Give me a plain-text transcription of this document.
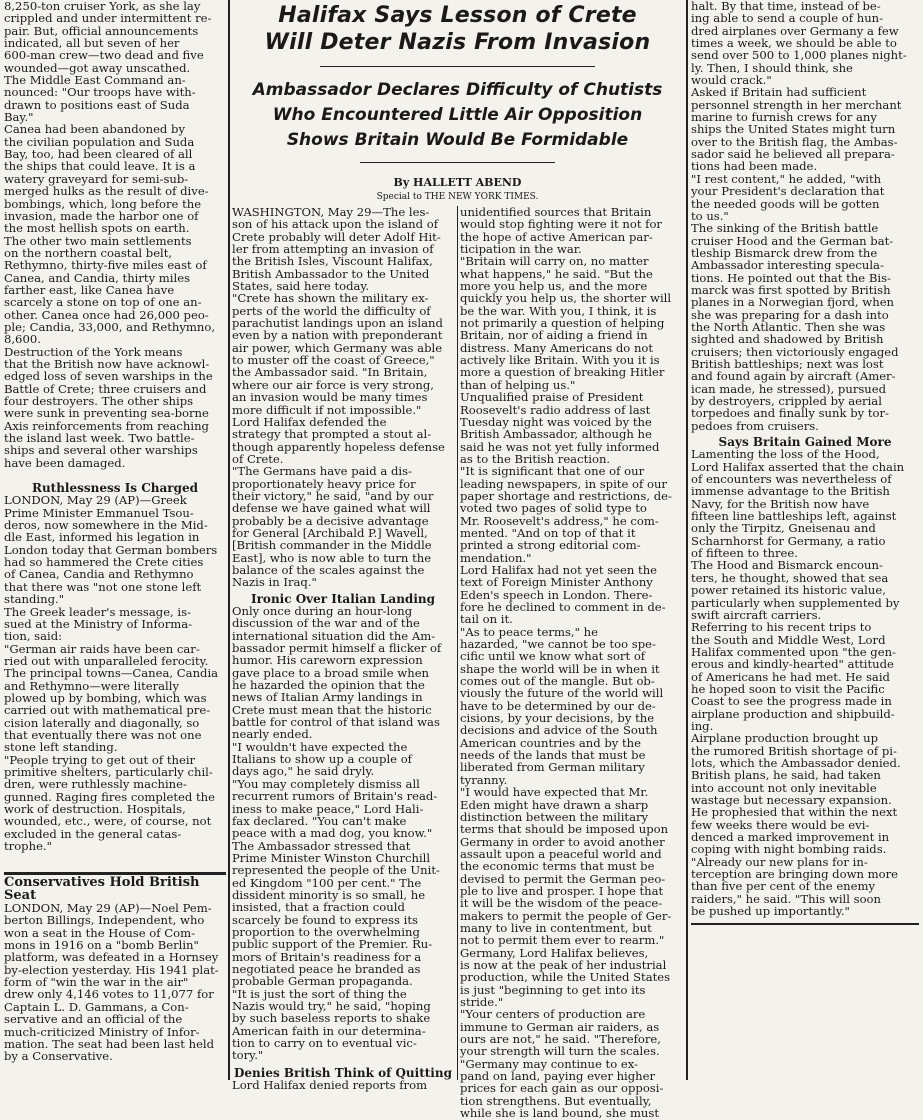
8,250-ton cruiser York, as she lay
crippled and under intermittent re-
pair. But, official announcements
indicated, all but seven of her
600-man crew—two dead and five
wounded—got away unscathed.
The Middle East Command an-
nounced: "Our troops have with-
drawn to positions east of Suda
Bay."
Canea had been abandoned by
the civilian population and Suda
Bay, too, had been cleared of all
the ships that could leave. It is a
watery graveyard for semi-sub-
merged hulks as the result of dive-
bombings, which, long before the
invasion, made the harbor one of
the most hellish spots on earth.
The other two main settlements
on the northern coastal belt,
Rethymno, thirty-five miles east of
Canea, and Candia, thirty miles
farther east, like Canea have
scarcely a stone on top of one an-
other. Canea once had 26,000 peo-
ple; Candia, 33,000, and Rethymno,
8,600.
Destruction of the York means
that the British now have acknowl-
edged loss of seven warships in the
Battle of Crete; three cruisers and
four destroyers. The other ships
were sunk in preventing sea-borne
Axis reinforcements from reaching
the island last week. Two battle-
ships and several other warships
have been damaged.

Ruthlessness Is Charged

LONDON, May 29 (AP)—Greek
Prime Minister Emmanuel Tsou-
deros, now somewhere in the Mid-
dle East, informed his legation in
London today that German bombers
had so hammered the Crete cities
of Canea, Candia and Rethymno
that there was "not one stone left
standing."
The Greek leader's message, is-
sued at the Ministry of Informa-
tion, said:
"German air raids have been car-
ried out with unparalleled ferocity.
The principal towns—Canea, Candia
and Rethymno—were literally
plowed up by bombing, which was
carried out with mathematical pre-
cision laterally and diagonally, so
that eventually there was not one
stone left standing.
"People trying to get out of their
primitive shelters, particularly chil-
dren, were ruthlessly machine-
gunned. Raging fires completed the
work of destruction. Hospitals,
wounded, etc., were, of course, not
excluded in the general catas-
trophe."

Conservatives Hold British Seat

LONDON, May 29 (AP)—Noel Pem-
berton Billings, Independent, who
won a seat in the House of Com-
mons in 1916 on a "bomb Berlin"
platform, was defeated in a Hornsey
by-election yesterday. His 1941 plat-
form of "win the war in the air"
drew only 4,146 votes to 11,077 for
Captain L. D. Gammans, a Con-
servative and an official of the
much-criticized Ministry of Infor-
mation. The seat had been last held
by a Conservative.
Halifax Says Lesson of Crete
Will Deter Nazis From Invasion
Ambassador Declares Difficulty of Chutists
Who Encountered Little Air Opposition
Shows Britain Would Be Formidable
By HALLETT ABEND
Special to THE NEW YORK TIMES.
WASHINGTON, May 29—The les-
son of his attack upon the island of
Crete probably will deter Adolf Hit-
ler from attempting an invasion of
the British Isles, Viscount Halifax,
British Ambassador to the United
States, said here today.
"Crete has shown the military ex-
perts of the world the difficulty of
parachutist landings upon an island
even by a nation with preponderant
air power, which Germany was able
to muster off the coast of Greece,"
the Ambassador said. "In Britain,
where our air force is very strong,
an invasion would be many times
more difficult if not impossible."
Lord Halifax defended the
strategy that prompted a stout al-
though apparently hopeless defense
of Crete.
"The Germans have paid a dis-
proportionately heavy price for
their victory," he said, "and by our
defense we have gained what will
probably be a decisive advantage
for General [Archibald P.] Wavell,
[British commander in the Middle
East], who is now able to turn the
balance of the scales against the
Nazis in Iraq."

Ironic Over Italian Landing

Only once during an hour-long
discussion of the war and of the
international situation did the Am-
bassador permit himself a flicker of
humor. His careworn expression
gave place to a broad smile when
he hazarded the opinion that the
news of Italian Army landings in
Crete must mean that the historic
battle for control of that island was
nearly ended.
"I wouldn't have expected the
Italians to show up a couple of
days ago," he said dryly.
"You may completely dismiss all
recurrent rumors of Britain's read-
iness to make peace," Lord Hali-
fax declared. "You can't make
peace with a mad dog, you know."
The Ambassador stressed that
Prime Minister Winston Churchill
represented the people of the Unit-
ed Kingdom "100 per cent." The
dissident minority is so small, he
insisted, that a fraction could
scarcely be found to express its
proportion to the overwhelming
public support of the Premier. Ru-
mors of Britain's readiness for a
negotiated peace he branded as
probable German propaganda.
"It is just the sort of thing the
Nazis would try," he said, "hoping
by such baseless reports to shake
American faith in our determina-
tion to carry on to eventual vic-
tory."

Denies British Think of Quitting

Lord Halifax denied reports from
unidentified sources that Britain
would stop fighting were it not for
the hope of active American par-
ticipation in the war.
"Britain will carry on, no matter
what happens," he said. "But the
more you help us, and the more
quickly you help us, the shorter will
be the war. With you, I think, it is
not primarily a question of helping
Britain, nor of aiding a friend in
distress. Many Americans do not
actively like Britain. With you it is
more a question of breaking Hitler
than of helping us."
Unqualified praise of President
Roosevelt's radio address of last
Tuesday night was voiced by the
British Ambassador, although he
said he was not yet fully informed
as to the British reaction.
"It is significant that one of our
leading newspapers, in spite of our
paper shortage and restrictions, de-
voted two pages of solid type to
Mr. Roosevelt's address," he com-
mented. "And on top of that it
printed a strong editorial com-
mendation."
Lord Halifax had not yet seen the
text of Foreign Minister Anthony
Eden's speech in London. There-
fore he declined to comment in de-
tail on it.
"As to peace terms," he
hazarded, "we cannot be too spe-
cific until we know what sort of
shape the world will be in when it
comes out of the mangle. But ob-
viously the future of the world will
have to be determined by our de-
cisions, by your decisions, by the
decisions and advice of the South
American countries and by the
needs of the lands that must be
liberated from German military
tyranny.
"I would have expected that Mr.
Eden might have drawn a sharp
distinction between the military
terms that should be imposed upon
Germany in order to avoid another
assault upon a peaceful world and
the economic terms that must be
devised to permit the German peo-
ple to live and prosper. I hope that
it will be the wisdom of the peace-
makers to permit the people of Ger-
many to live in contentment, but
not to permit them ever to rearm."
Germany, Lord Halifax believes,
is now at the peak of her industrial
production, while the United States
is just "beginning to get into its
stride."
"Your centers of production are
immune to German air raiders, as
ours are not," he said. "Therefore,
your strength will turn the scales.
"Germany may continue to ex-
pand on land, paying ever higher
prices for each gain as our opposi-
tion strengthens. But eventually,
while she is land bound, she must
halt. By that time, instead of be-
ing able to send a couple of hun-
dred airplanes over Germany a few
times a week, we should be able to
send over 500 to 1,000 planes night-
ly. Then, I should think, she
would crack."
Asked if Britain had sufficient
personnel strength in her merchant
marine to furnish crews for any
ships the United States might turn
over to the British flag, the Ambas-
sador said he believed all prepara-
tions had been made.
"I rest content," he added, "with
your President's declaration that
the needed goods will be gotten
to us."
The sinking of the British battle
cruiser Hood and the German bat-
tleship Bismarck drew from the
Ambassador interesting specula-
tions. He pointed out that the Bis-
marck was first spotted by British
planes in a Norwegian fjord, when
she was preparing for a dash into
the North Atlantic. Then she was
sighted and shadowed by British
cruisers; then victoriously engaged
British battleships; next was lost
and found again by aircraft (Amer-
ican made, he stressed), pursued
by destroyers, crippled by aerial
torpedoes and finally sunk by tor-
pedoes from cruisers.

Says Britain Gained More

Lamenting the loss of the Hood,
Lord Halifax asserted that the chain
of encounters was nevertheless of
immense advantage to the British
Navy, for the British now have
fifteen line battleships left, against
only the Tirpitz, Gneisenau and
Scharnhorst for Germany, a ratio
of fifteen to three.
The Hood and Bismarck encoun-
ters, he thought, showed that sea
power retained its historic value,
particularly when supplemented by
swift aircraft carriers.
Referring to his recent trips to
the South and Middle West, Lord
Halifax commented upon "the gen-
erous and kindly-hearted" attitude
of Americans he had met. He said
he hoped soon to visit the Pacific
Coast to see the progress made in
airplane production and shipbuild-
ing.
Airplane production brought up
the rumored British shortage of pi-
lots, which the Ambassador denied.
British plans, he said, had taken
into account not only inevitable
wastage but necessary expansion.
He prophesied that within the next
few weeks there would be evi-
denced a marked improvement in
coping with night bombing raids.
"Already our new plans for in-
terception are bringing down more
than five per cent of the enemy
raiders," he said. "This will soon
be pushed up importantly."
